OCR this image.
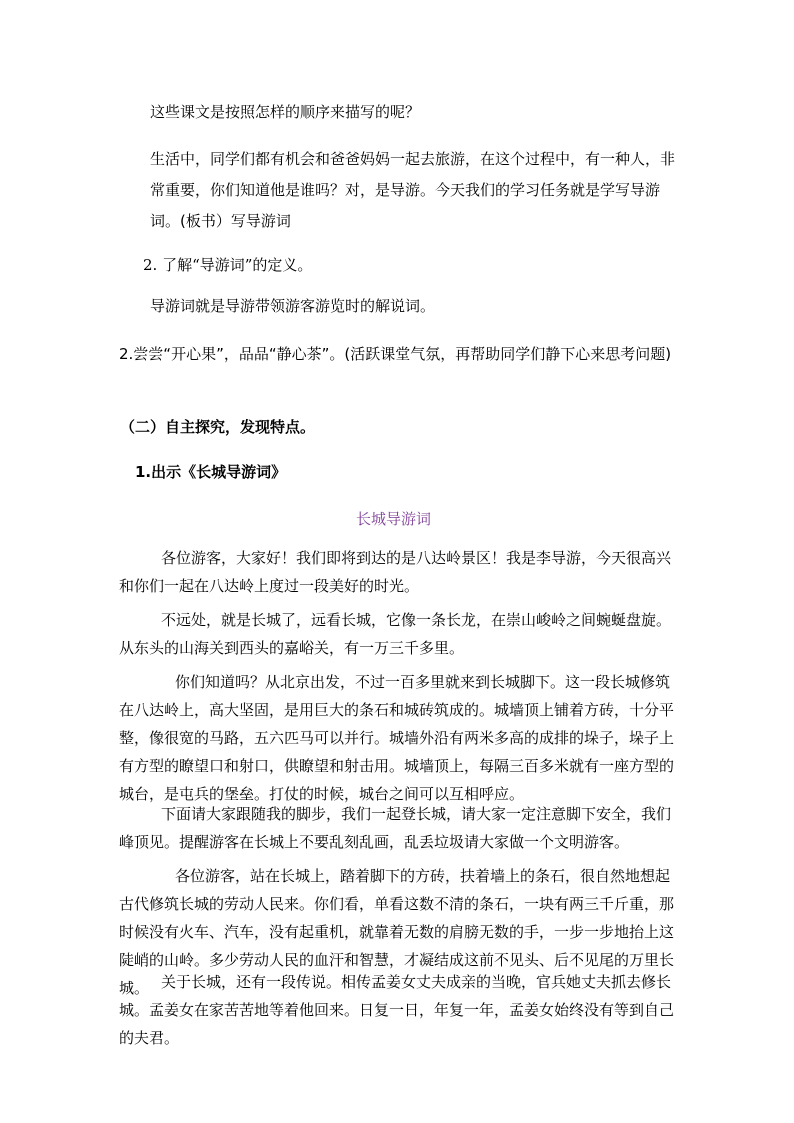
这些课文是按照怎样的顺序来描写的呢？

生活中，同学们都有机会和爸爸妈妈一起去旅游，在这个过程中，有一种人，非常重要，你们知道他是谁吗？对，是导游。今天我们的学习任务就是学写导游词。(板书）写导游词

2. 了解“导游词”的定义。

导游词就是导游带领游客游览时的解说词。

2.尝尝“开心果”，品品“静心茶”。(活跃课堂气氛，再帮助同学们静下心来思考问题)

（二）自主探究，发现特点。

1.出示《长城导游词》

长城导游词

各位游客，大家好！我们即将到达的是八达岭景区！我是李导游，今天很高兴和你们一起在八达岭上度过一段美好的时光。

不远处，就是长城了，远看长城，它像一条长龙，在崇山峻岭之间蜿蜒盘旋。从东头的山海关到西头的嘉峪关，有一万三千多里。

你们知道吗？从北京出发，不过一百多里就来到长城脚下。这一段长城修筑在八达岭上，高大坚固，是用巨大的条石和城砖筑成的。城墙顶上铺着方砖，十分平整，像很宽的马路，五六匹马可以并行。城墙外沿有两米多高的成排的垛子，垛子上有方型的瞭望口和射口，供瞭望和射击用。城墙顶上，每隔三百多米就有一座方型的城台，是屯兵的堡垒。打仗的时候，城台之间可以互相呼应。

下面请大家跟随我的脚步，我们一起登长城，请大家一定注意脚下安全，我们峰顶见。提醒游客在长城上不要乱刻乱画，乱丢垃圾请大家做一个文明游客。

各位游客，站在长城上，踏着脚下的方砖，扶着墙上的条石，很自然地想起古代修筑长城的劳动人民来。你们看，单看这数不清的条石，一块有两三千斤重，那时候没有火车、汽车，没有起重机，就靠着无数的肩膀无数的手，一步一步地抬上这陡峭的山岭。多少劳动人民的血汗和智慧，才凝结成这前不见头、后不见尾的万里长城。 关于长城，还有一段传说。相传孟姜女丈夫成亲的当晚，官兵她丈夫抓去修长城。孟姜女在家苦苦地等着他回来。日复一日，年复一年，孟姜女始终没有等到自己的夫君。
